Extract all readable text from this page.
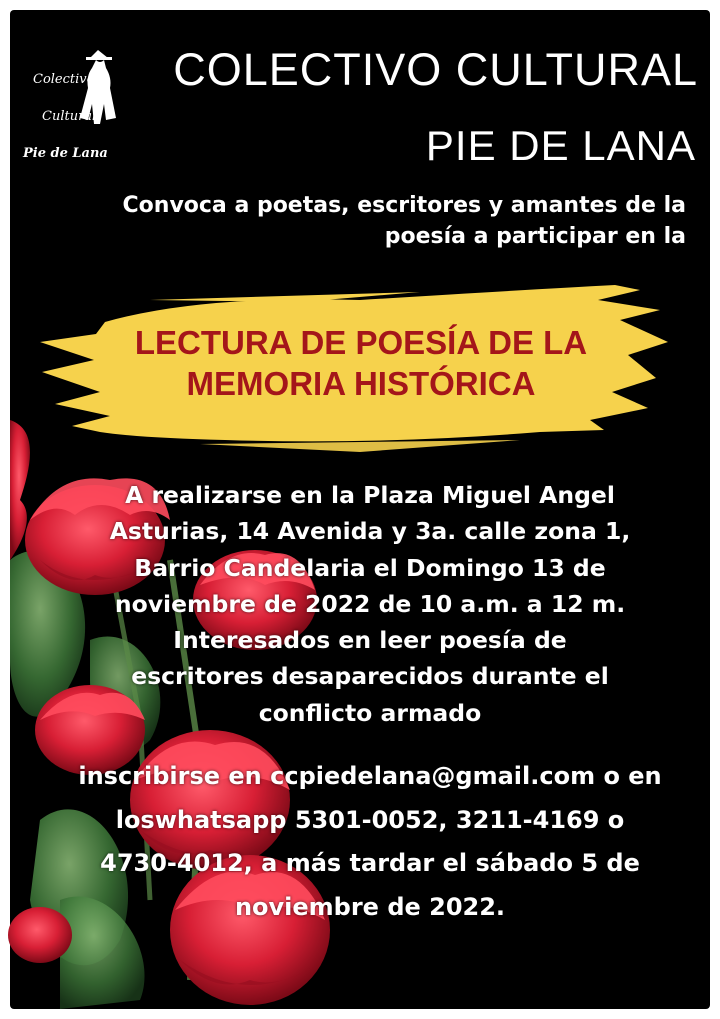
Colectivo
Cultural
Pie de Lana
COLECTIVO CULTURAL
PIE DE LANA

Convoca a poetas, escritores y amantes de la
poesía a participar en la

LECTURA DE POESÍA DE LA
MEMORIA HISTÓRICA

A realizarse en la Plaza Miguel Angel
Asturias, 14 Avenida y 3a. calle zona 1,
Barrio Candelaria el Domingo 13 de
noviembre de 2022 de 10 a.m. a 12 m.
Interesados en leer poesía de
escritores desaparecidos durante el
conflicto armado

inscribirse en ccpiedelana@gmail.com o en
loswhatsapp 5301-0052, 3211-4169 o
4730-4012, a más tardar el sábado 5 de
noviembre de 2022.
